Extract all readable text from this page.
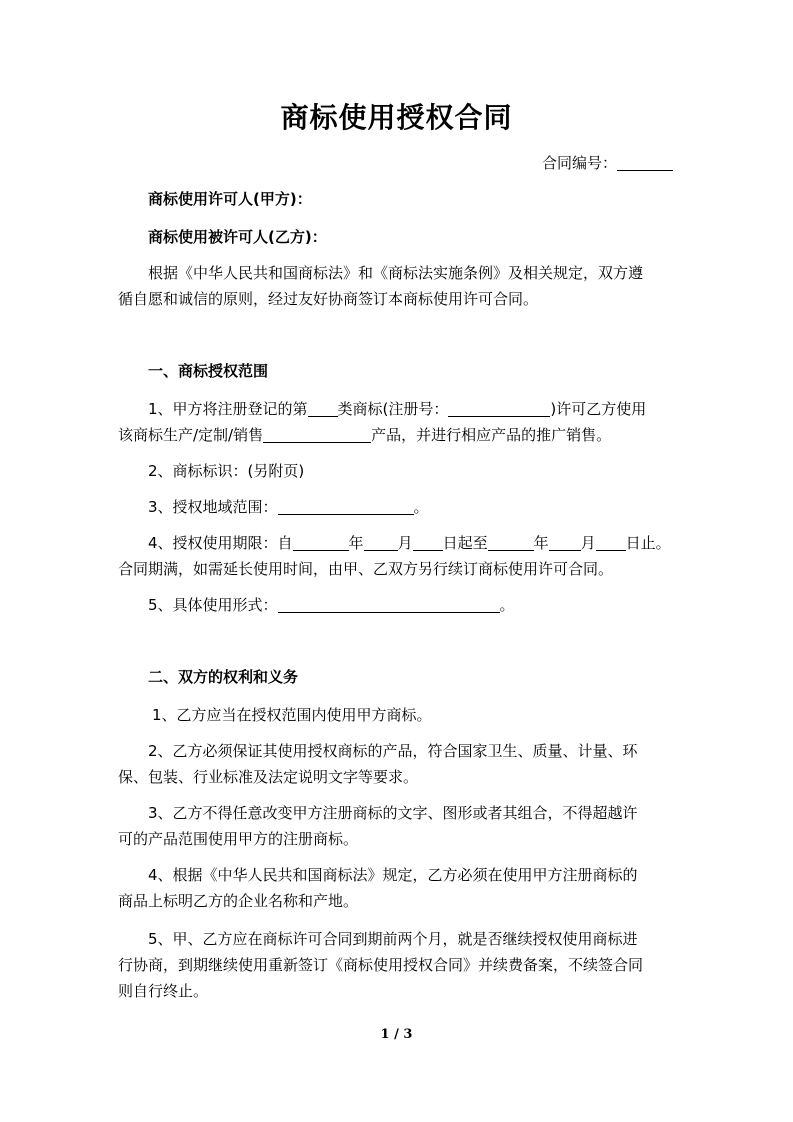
商标使用授权合同
合同编号：
商标使用许可人(甲方)：
商标使用被许可人(乙方)：
根据《中华人民共和国商标法》和《商标法实施条例》及相关规定，双方遵
循自愿和诚信的原则，经过友好协商签订本商标使用许可合同。
一、商标授权范围
1、甲方将注册登记的第 类商标(注册号：	)许可乙方使用
该商标生产/定制/销售	产品，并进行相应产品的推广销售。
2、商标标识：(另附页)
3、授权地域范围：	。
4、授权使用期限：自	年 月 日起至	年 月 日止。
合同期满，如需延长使用时间，由甲、乙双方另行续订商标使用许可合同。
5、具体使用形式：	。
二、双方的权利和义务
1、乙方应当在授权范围内使用甲方商标。
2、乙方必须保证其使用授权商标的产品，符合国家卫生、质量、计量、环
保、包装、行业标准及法定说明文字等要求。
3、乙方不得任意改变甲方注册商标的文字、图形或者其组合，不得超越许
可的产品范围使用甲方的注册商标。
4、根据《中华人民共和国商标法》规定，乙方必须在使用甲方注册商标的
商品上标明乙方的企业名称和产地。
5、甲、乙方应在商标许可合同到期前两个月，就是否继续授权使用商标进
行协商，到期继续使用重新签订《商标使用授权合同》并续费备案，不续签合同
则自行终止。
1 / 3
